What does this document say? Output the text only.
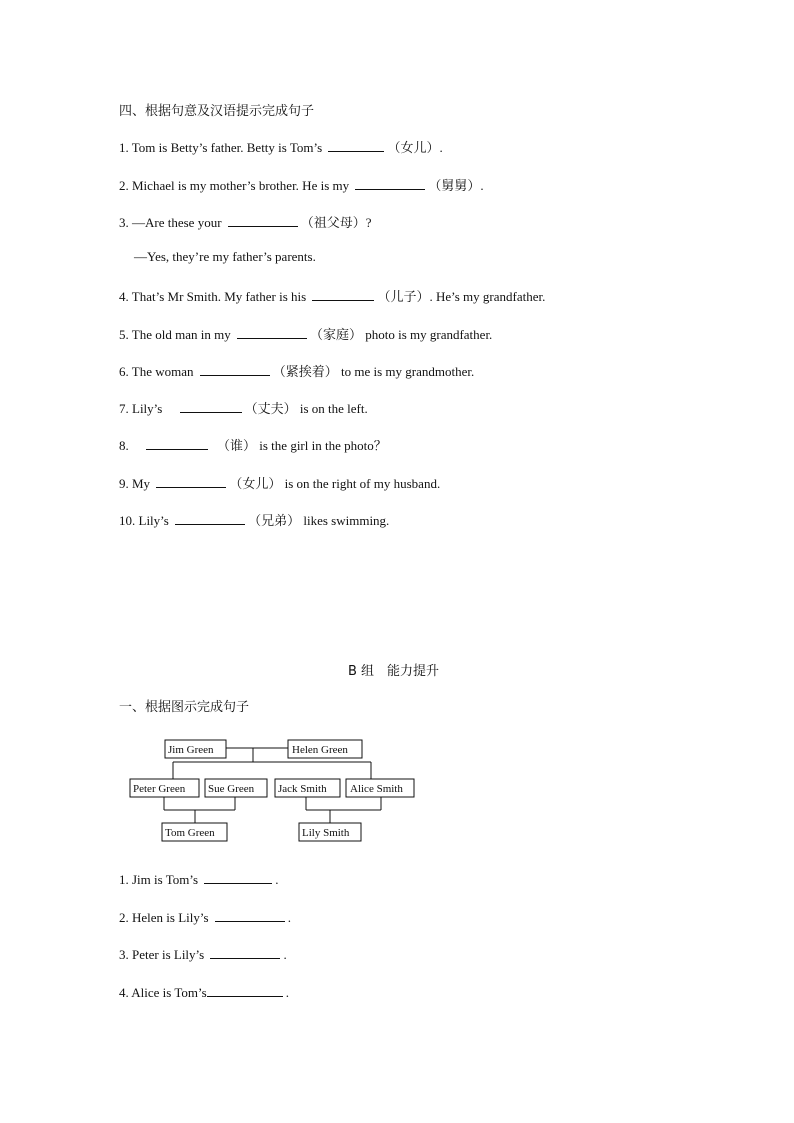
四、根据句意及汉语提示完成句子
1. Tom is Betty’s father. Betty is Tom’s	（女儿）.
2. Michael is my mother’s brother. He is my	（舅舅）.
3. —Are these your	（祖父母）?
—Yes, they’re my father’s parents.
4. That’s Mr Smith. My father is his	（儿子）. He’s my grandfather.
5. The old man in my	（家庭） photo is my grandfather.
6. The woman	（紧挨着） to me is my grandmother.
7. Lily’s	（丈夫） is on the left.
8.	（谁） is the girl in the photo？
9. My	（女儿） is on the right of my husband.
10. Lily’s	（兄弟） likes swimming.
B 组　能力提升
一、根据图示完成句子
Jim Green	Helen Green
Peter Green Sue Green Jack Smith Alice Smith
Tom Green	Lily Smith
1. Jim is Tom’s	.
2. Helen is Lily’s	.
3. Peter is Lily’s	.
4. Alice is Tom’s	.
